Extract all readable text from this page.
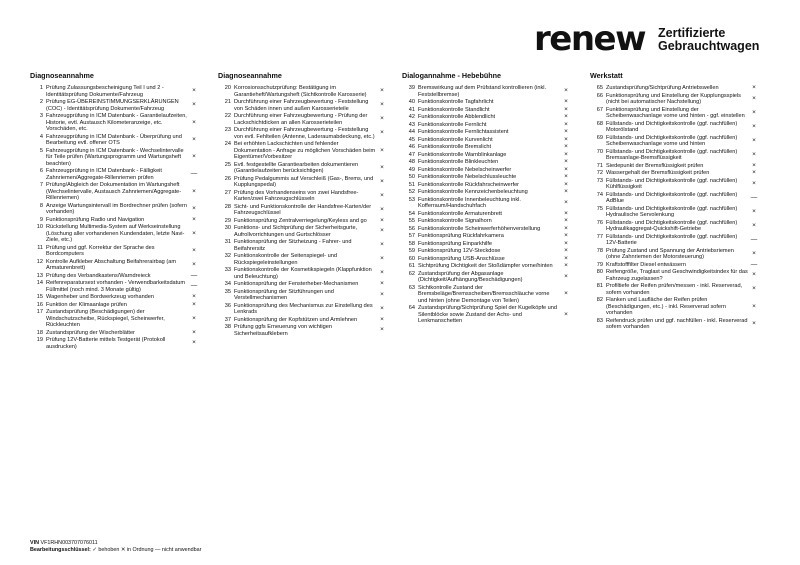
renew Zertifizierte
Gebrauchtwagen
Diagnoseannahme
1 Prüfung Zulassungsbescheinigung Teil I und 2 - Identitätsprüfung Dokumente/Fahrzeug
×
2 Prüfung EG-ÜBEREINSTIMMUNGSERKLÄRUNGEN (COC) - Identitätsprüfung Dokumente/Fahrzeug
×
3 Fahrzeugprüfung in ICM Datenbank - Garantielaufzeiten, Historie, evtl. Austausch Kilometeranzeige, etc. Vorschäden, etc.
×
4 Fahrzeugprüfung in ICM Datenbank - Überprüfung und Bearbeitung evtl. offener OTS
×
5 Fahrzeugprüfung in ICM Datenbank - Wechselintervalle für Teile prüfen (Wartungsprogramm und Wartungsheft beachten)
×
6 Fahrzeugprüfung in ICM Datenbank - Fälligkeit Zahnriemen/Aggregate-Rillenriemen prüfen
—
7 Prüfung/Abgleich der Dokumentation im Wartungsheft (Wechselintervalle, Austausch Zahnriemen/Aggregate-Rillenriemen)
×
8 Anzeige Wartungsintervall im Bordrechner prüfen (sofern vorhanden)
×
9 Funktionsprüfung Radio und Navigation	×
10 Rückstellung Multimedia-System auf Werkseinstellung (Löschung aller vorhandenen Kundendaten, letzte Navi-Ziele, etc.)
×
11 Prüfung und ggf. Korrektur der Sprache des Bordcomputers
×
12 Kontrolle Aufkleber Abschaltung Beifahrerairbag (am Armaturenbrett)
×
13 Prüfung des Verbandkastens/Warndreieck	—
14 Reifenreparatursest vorhanden - Verwendbarkeitsdatum Füllmittel (noch mind. 3 Monate gültig)
—
15 Wagenheber und Bordwerkzeug vorhanden	×
16 Funktion der Klimaanlage prüfen	×
17 Zustandsprüfung (Beschädigungen) der Windschutzscheibe, Rückspiegel, Scheinwerfer, Rückleuchten
×
18 Zustandsprüfung der Wischerblätter	×
19 Prüfung 12V-Batterie mittels Testgerät (Protokoll ausdrucken)
×
Diagnoseannahme
20 Korrosionsschutzprüfung: Bestätigung im Garantieheft/Wartungsheft (Sichtkontrolle Karosserie)
×
21 Durchführung einer Fahrzeugbewertung - Feststellung von Schäden innen und außen Karosserieteile
×
22 Durchführung einer Fahrzeugbewertung - Prüfung der Lackschichtdicken an allen Karosserieteilen
×
23 Durchführung einer Fahrzeugbewertung - Feststellung von evtl. Fehlteilen (Antenne, Laderaumabdeckung, etc.)
×
24 Bei erhöhten Lackschichten und fehlender Dokumentation - Anfrage zu möglichen Vorschäden beim Eigentümer/Vorbesitzer
×
25 Evtl. festgestellte Garantiearbeiten dokumentieren (Garantielaufzeiten berücksichtigen)
×
26 Prüfung Pedalgummis auf Verschleiß (Gas-, Brems, und Kupplungspedal)
×
27 Prüfung des Vorhandenseins von zwei Handsfree-Karten/zwei Fahrzeugschlüsseln
×
28 Sicht- und Funktionskontrolle der Handsfree-Karten/der Fahrzeugschlüssel
×
29 Funktionsprüfung Zentralverriegelung/Keyless and go	×
30 Funktions- und Sichtprüfung der Sicherheitsgurte, Aufrollvorrichtungen und Gurtschlösser
×
31 Funktionsprüfung der Sitzheizung - Fahrer- und Beifahrersitz
×
32 Funktionskontrolle der Seitenspiegel- und Rückspiegeleinstellungen
×
33 Funktionskontrolle der Kosmetikspiegeln (Klappfunktion und Beleuchtung)
×
34 Funktionsprüfung der Fensterheber-Mechanismen	×
35 Funktionsprüfung der Sitzführungen und Verstellmechanismen
×
36 Funktionsprüfung des Mechanismus zur Einstellung des Lenkrads
×
37 Funktionsprüfung der Kopfstützen und Armlehnen	×
38 Prüfung ggfs Erneuerung von wichtigen Sicherheitsaufklebern
×
Dialogannahme - Hebebühne
39 Bremswirkung auf dem Prüfstand kontrollieren (inkl. Feststellbremse)
×
40 Funktionskontrolle Tagfahrlicht	×
41 Funktionskontrolle Standlicht	×
42 Funktionskontrolle Abblendlicht	×
43 Funktionskontrolle Fernlicht	×
44 Funktionskontrolle Fernlichtassistent	×
45 Funktionskontrolle Kurvenlicht	×
46 Funktionskontrolle Bremslicht	×
47 Funktionskontrolle Warnblinkanlage	×
48 Funktionskontrolle Blinkleuchten	×
49 Funktionskontrolle Nebelscheinwerfer	×
50 Funktionskontrolle Nebelschlussleuchte	×
51 Funktionskontrolle Rückfahrscheinwerfer	×
52 Funktionskontrolle Kennzeichenbeleuchtung	×
53 Funktionskontrolle Innenbeleuchtung inkl. Kofferraum/Handschuhfach
×
54 Funktionskontrolle Armaturenbrett	×
55 Funktionskontrolle Signalhorn	×
56 Funktionskontrolle Scheinwerferhöhenverstellung	×
57 Funktionsprüfung Rückfahrkamera	×
58 Funktionsprüfung Einparkhilfe	×
59 Funktionsprüfung 12V-Steckdose	×
60 Funktionsprüfung USB-Anschlüsse	×
61 Sichtprüfung Dichtigkeit der Stoßdämpfer vorne/hinten	×
62 Zustandsprüfung der Abgasanlage (Dichtigkeit/Aufhängung/Beschädigungen)
×
63 Sichtkontrolle Zustand der Bremsbeläge/Bremsscheiben/Bremsschläuche vorne und hinten (ohne Demontage von Teilen)
×
64 Zustandsprüfung/Sichtprüfung Spiel der Kugelköpfe und Silentblöcke sowie Zustand der Achs- und Lenkmanschetten
×
Werkstatt
65 Zustandsprüfung/Sichtprüfung Antriebswellen	×
66 Funktionsprüfung und Einstellung der Kupplungsspiels (nicht bei automatischer Nachstellung)
×
67 Funktionsprüfung und Einstellung der Scheibenwaschanlage vorne und hinten - ggf. einstellen
×
68 Füllstands- und Dichtigkeitskontrolle (ggf. nachfüllen) Motorölstand
×
69 Füllstands- und Dichtigkeitskontrolle (ggf. nachfüllen) Scheibenwaschanlage vorne und hinten
×
70 Füllstands- und Dichtigkeitskontrolle (ggf. nachfüllen) Bremsanlage-Bremsflüssigkeit
×
71 Siedepunkt der Bremsflüssigkeit prüfen	×
72 Wassergehalt der Bremsflüssigkeit prüfen	×
73 Füllstands- und Dichtigkeitskontrolle (ggf. nachfüllen) Kühlflüssigkeit
×
74 Füllstands- und Dichtigkeitskontrolle (ggf. nachfüllen) AdBlue
—
75 Füllstands- und Dichtigkeitskontrolle (ggf. nachfüllen) Hydraulische Servolenkung
×
76 Füllstands- und Dichtigkeitskontrolle (ggf. nachfüllen) Hydraulikaggregat-Quickshift-Getriebe
×
77 Füllstands- und Dichtigkeitskontrolle (ggf. nachfüllen) 12V-Batterie
—
78 Prüfung Zustand und Spannung der Antriebsriemen (ohne Zahnriemen der Motorsteuerung)
×
79 Kraftstofffilter Diesel entwässern	—
80 Reifengröße, Traglast und Geschwindigkeitsindex für das Fahrzeug zugelassen?
×
81 Profiltiefe der Reifen prüfen/messen - inkl. Reserverad, sofern vorhanden
×
82 Flanken und Laufläche der Reifen prüfen (Beschädigungen, etc.) - inkl. Reserverad sofern vorhanden
×
83 Reifendruck prüfen und ggf. nachfüllen - inkl. Reserverad sofern vorhanden
×
VIN VF1RHN003707076011
Bearbeitungsschlüssel: ✓ behoben ✕ in Ordnung — nicht anwendbar
